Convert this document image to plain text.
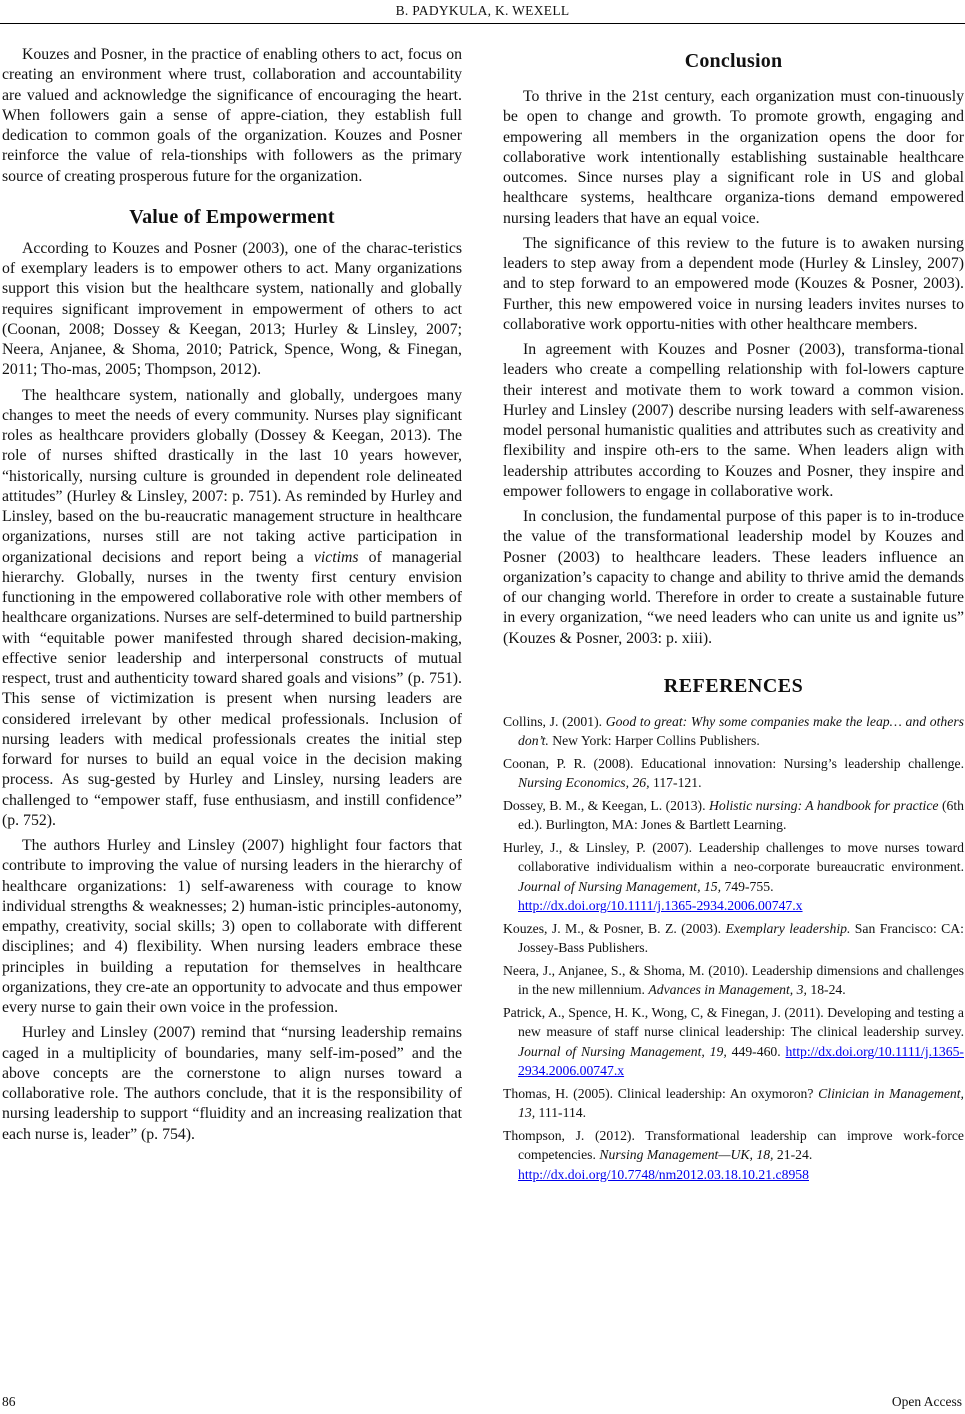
B. PADYKULA, K. WEXELL

Kouzes and Posner, in the practice of enabling others to act, focus on creating an environment where trust, collaboration and accountability are valued and acknowledge the significance of encouraging the heart. When followers gain a sense of appre-ciation, they establish full dedication to common goals of the organization. Kouzes and Posner reinforce the value of rela-tionships with followers as the primary source of creating prosperous future for the organization.

Value of Empowerment

According to Kouzes and Posner (2003), one of the charac-teristics of exemplary leaders is to empower others to act. Many organizations support this vision but the healthcare system, nationally and globally requires significant improvement in empowerment of others to act (Coonan, 2008; Dossey & Keegan, 2013; Hurley & Linsley, 2007; Neera, Anjanee, & Shoma, 2010; Patrick, Spence, Wong, & Finegan, 2011; Tho-mas, 2005; Thompson, 2012).

The healthcare system, nationally and globally, undergoes many changes to meet the needs of every community. Nurses play significant roles as healthcare providers globally (Dossey & Keegan, 2013). The role of nurses shifted drastically in the last 10 years however, “historically, nursing culture is grounded in dependent role delineated attitudes” (Hurley & Linsley, 2007: p. 751). As reminded by Hurley and Linsley, based on the bu-reaucratic management structure in healthcare organizations, nurses still are not taking active participation in organizational decisions and report being a victims of managerial hierarchy. Globally, nurses in the twenty first century envision functioning in the empowered collaborative role with other members of healthcare organizations. Nurses are self-determined to build partnership with “equitable power manifested through shared decision-making, effective senior leadership and interpersonal constructs of mutual respect, trust and authenticity toward shared goals and visions” (p. 751). This sense of victimization is present when nursing leaders are considered irrelevant by other medical professionals. Inclusion of nursing leaders with medical professionals creates the initial step forward for nurses to build an equal voice in the decision making process. As sug-gested by Hurley and Linsley, nursing leaders are challenged to “empower staff, fuse enthusiasm, and instill confidence” (p. 752).

The authors Hurley and Linsley (2007) highlight four factors that contribute to improving the value of nursing leaders in the hierarchy of healthcare organizations: 1) self-awareness with courage to know individual strengths & weaknesses; 2) human-istic principles-autonomy, empathy, creativity, social skills; 3) open to collaborate with different disciplines; and 4) flexibility. When nursing leaders embrace these principles in building a reputation for themselves in healthcare organizations, they cre-ate an opportunity to advocate and thus empower every nurse to gain their own voice in the profession.

Hurley and Linsley (2007) remind that “nursing leadership remains caged in a multiplicity of boundaries, many self-im-posed” and the above concepts are the cornerstone to align nurses toward a collaborative role. The authors conclude, that it is the responsibility of nursing leadership to support “fluidity and an increasing realization that each nurse is, leader” (p. 754).

Conclusion

To thrive in the 21st century, each organization must con-tinuously be open to change and growth. To promote growth, engaging and empowering all members in the organization opens the door for collaborative work intentionally establishing sustainable healthcare outcomes. Since nurses play a significant role in US and global healthcare systems, healthcare organiza-tions demand empowered nursing leaders that have an equal voice.

The significance of this review to the future is to awaken nursing leaders to step away from a dependent mode (Hurley & Linsley, 2007) and to step forward to an empowered mode (Kouzes & Posner, 2003). Further, this new empowered voice in nursing leaders invites nurses to collaborative work opportu-nities with other healthcare members.

In agreement with Kouzes and Posner (2003), transforma-tional leaders who create a compelling relationship with fol-lowers capture their interest and motivate them to work toward a common vision. Hurley and Linsley (2007) describe nursing leaders with self-awareness model personal humanistic qualities and attributes such as creativity and flexibility and inspire oth-ers to the same. When leaders align with leadership attributes according to Kouzes and Posner, they inspire and empower followers to engage in collaborative work.

In conclusion, the fundamental purpose of this paper is to in-troduce the value of the transformational leadership model by Kouzes and Posner (2003) to healthcare leaders. These leaders influence an organization’s capacity to change and ability to thrive amid the demands of our changing world. Therefore in order to create a sustainable future in every organization, “we need leaders who can unite us and ignite us” (Kouzes & Posner, 2003: p. xiii).

REFERENCES
Collins, J. (2001). Good to great: Why some companies make the leap… and others don’t. New York: Harper Collins Publishers.
Coonan, P. R. (2008). Educational innovation: Nursing’s leadership challenge. Nursing Economics, 26, 117-121.
Dossey, B. M., & Keegan, L. (2013). Holistic nursing: A handbook for practice (6th ed.). Burlington, MA: Jones & Bartlett Learning.
Hurley, J., & Linsley, P. (2007). Leadership challenges to move nurses toward collaborative individualism within a neo-corporate bureaucratic environment. Journal of Nursing Management, 15, 749-755.
http://dx.doi.org/10.1111/j.1365-2934.2006.00747.x
Kouzes, J. M., & Posner, B. Z. (2003). Exemplary leadership. San Francisco: CA: Jossey-Bass Publishers.
Neera, J., Anjanee, S., & Shoma, M. (2010). Leadership dimensions and challenges in the new millennium. Advances in Management, 3, 18-24.
Patrick, A., Spence, H. K., Wong, C, & Finegan, J. (2011). Developing and testing a new measure of staff nurse clinical leadership: The clinical leadership survey. Journal of Nursing Management, 19, 449-460. http://dx.doi.org/10.1111/j.1365-2934.2006.00747.x
Thomas, H. (2005). Clinical leadership: An oxymoron? Clinician in Management, 13, 111-114.
Thompson, J. (2012). Transformational leadership can improve work-force competencies. Nursing Management—UK, 18, 21-24.
http://dx.doi.org/10.7748/nm2012.03.18.10.21.c8958
86	Open Access
